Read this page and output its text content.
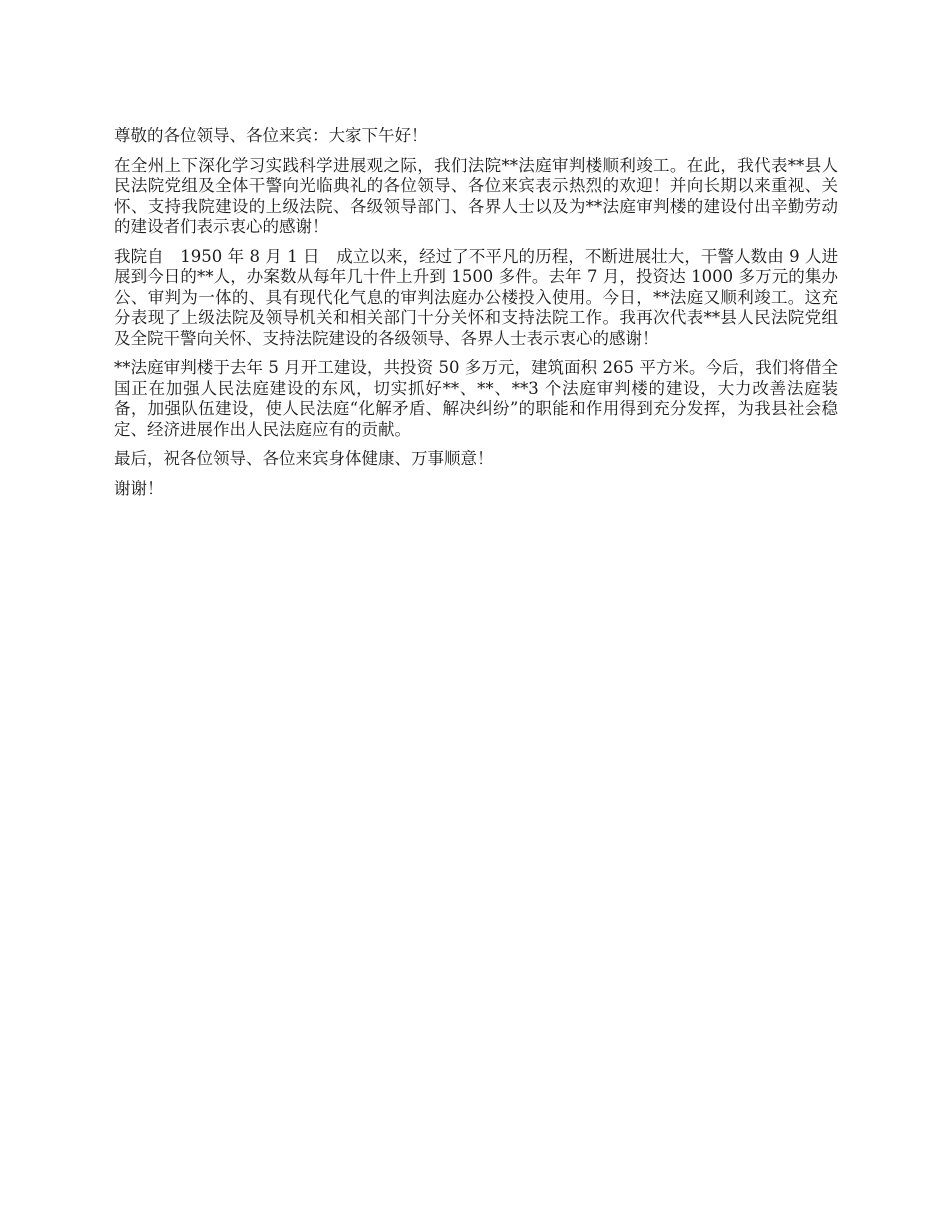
尊敬的各位领导、各位来宾：大家下午好！

在全州上下深化学习实践科学进展观之际，我们法院**法庭审判楼顺利竣工。在此，我代表**县人民法院党组及全体干警向光临典礼的各位领导、各位来宾表示热烈的欢迎！并向长期以来重视、关怀、支持我院建设的上级法院、各级领导部门、各界人士以及为**法庭审判楼的建设付出辛勤劳动的建设者们表示衷心的感谢！

我院自　1950 年 8 月 1 日　成立以来，经过了不平凡的历程，不断进展壮大，干警人数由 9 人进展到今日的**人，办案数从每年几十件上升到 1500 多件。去年 7 月，投资达 1000 多万元的集办公、审判为一体的、具有现代化气息的审判法庭办公楼投入使用。今日，**法庭又顺利竣工。这充分表现了上级法院及领导机关和相关部门十分关怀和支持法院工作。我再次代表**县人民法院党组及全院干警向关怀、支持法院建设的各级领导、各界人士表示衷心的感谢！

**法庭审判楼于去年 5 月开工建设，共投资 50 多万元，建筑面积 265 平方米。今后，我们将借全国正在加强人民法庭建设的东风，切实抓好**、**、**3 个法庭审判楼的建设，大力改善法庭装备，加强队伍建设，使人民法庭“化解矛盾、解决纠纷”的职能和作用得到充分发挥，为我县社会稳定、经济进展作出人民法庭应有的贡献。

最后，祝各位领导、各位来宾身体健康、万事顺意！

谢谢！
